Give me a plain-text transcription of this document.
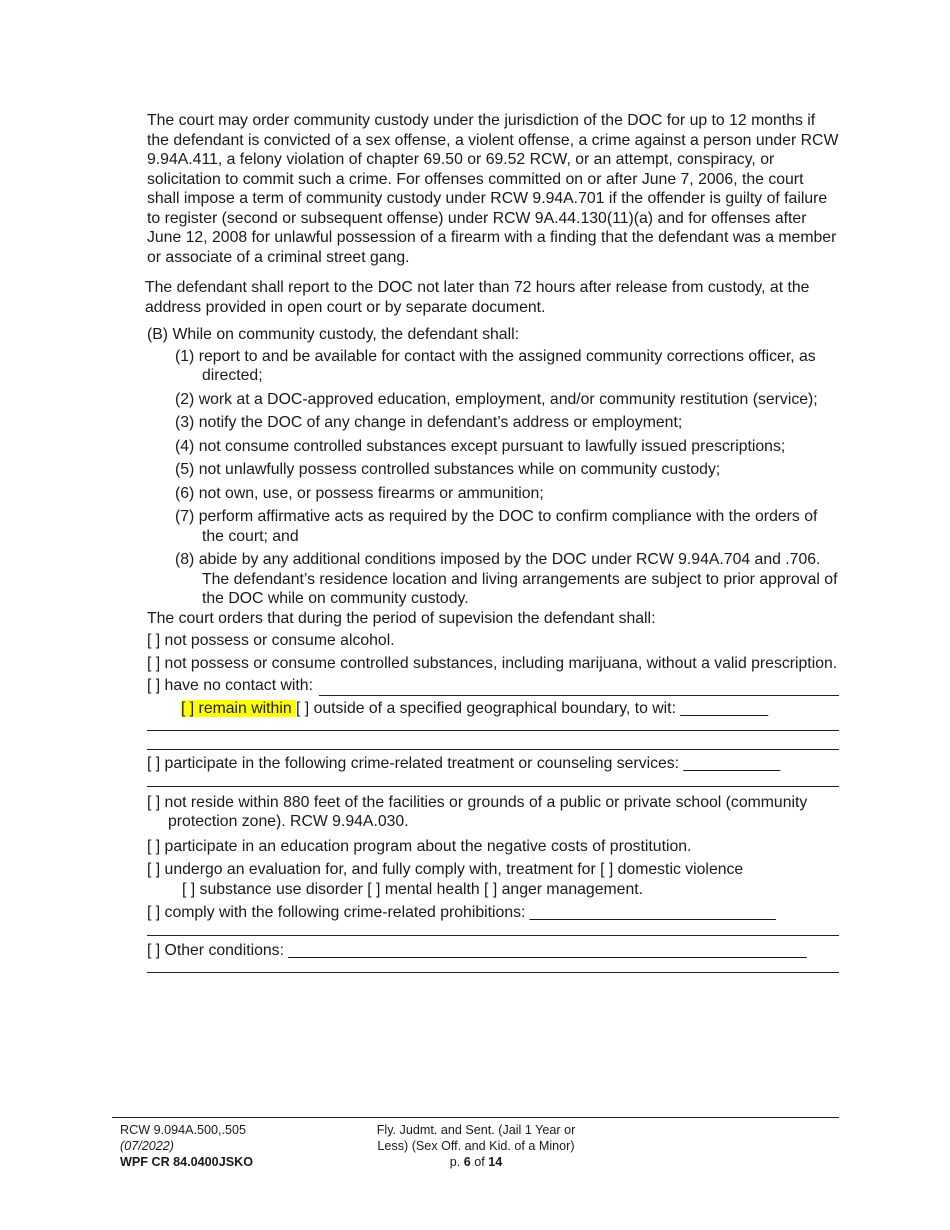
The court may order community custody under the jurisdiction of the DOC for up to 12 months if the defendant is convicted of a sex offense, a violent offense, a crime against a person under RCW 9.94A.411, a felony violation of chapter 69.50 or 69.52 RCW, or an attempt, conspiracy, or solicitation to commit such a crime. For offenses committed on or after June 7, 2006, the court shall impose a term of community custody under RCW 9.94A.701 if the offender is guilty of failure to register (second or subsequent offense) under RCW 9A.44.130(11)(a) and for offenses after June 12, 2008 for unlawful possession of a firearm with a finding that the defendant was a member or associate of a criminal street gang.

The defendant shall report to the DOC not later than 72 hours after release from custody, at the address provided in open court or by separate document.

(B) While on community custody, the defendant shall:

(1) report to and be available for contact with the assigned community corrections officer, as directed;

(2) work at a DOC-approved education, employment, and/or community restitution (service);

(3) notify the DOC of any change in defendant’s address or employment;

(4) not consume controlled substances except pursuant to lawfully issued prescriptions;

(5) not unlawfully possess controlled substances while on community custody;

(6) not own, use, or possess firearms or ammunition;

(7) perform affirmative acts as required by the DOC to confirm compliance with the orders of the court; and

(8) abide by any additional conditions imposed by the DOC under RCW 9.94A.704 and .706. The defendant’s residence location and living arrangements are subject to prior approval of the DOC while on community custody.

The court orders that during the period of supevision the defendant shall:

[ ] not possess or consume alcohol.

[ ] not possess or consume controlled substances, including marijuana, without a valid prescription.

[ ] have no contact with:

[ ] remain within [ ] outside of a specified geographical boundary, to wit: __________

[ ] participate in the following crime-related treatment or counseling services: ___________

[ ] not reside within 880 feet of the facilities or grounds of a public or private school (community protection zone). RCW 9.94A.030.

[ ] participate in an education program about the negative costs of prostitution.

[ ] undergo an evaluation for, and fully comply with, treatment for [ ] domestic violence

[ ] substance use disorder [ ] mental health [ ] anger management.

[ ] comply with the following crime-related prohibitions: ____________________________

[ ] Other conditions: ___________________________________________________________

RCW 9.094A.500,.505
(07/2022)
WPF CR 84.0400JSKO
Fly. Judmt. and Sent. (Jail 1 Year or
Less) (Sex Off. and Kid. of a Minor)
p. 6 of 14
